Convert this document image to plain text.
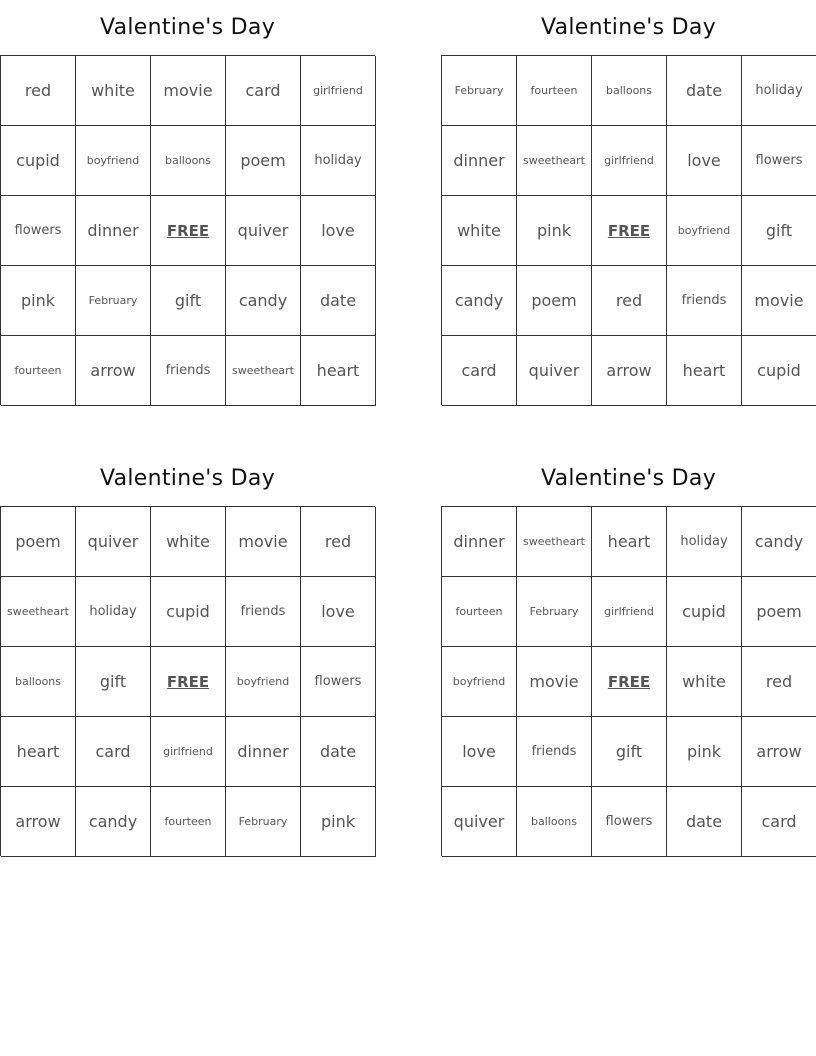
Valentine's Day
red	white	movie	card	girlfriend
cupid	boyfriend	balloons	poem	holiday
flowers	dinner	FREE	quiver	love
pink	February	gift	candy	date
fourteen	arrow	friends	sweetheart	heart
Valentine's Day
February	fourteen	balloons	date	holiday
dinner	sweetheart	girlfriend	love	flowers
white	pink	FREE	boyfriend	gift
candy	poem	red	friends	movie
card	quiver	arrow	heart	cupid
Valentine's Day
poem	quiver	white	movie	red
sweetheart	holiday	cupid	friends	love
balloons	gift	FREE	boyfriend	flowers
heart	card	girlfriend	dinner	date
arrow	candy	fourteen	February	pink
Valentine's Day
dinner	sweetheart	heart	holiday	candy
fourteen	February	girlfriend	cupid	poem
boyfriend	movie	FREE	white	red
love	friends	gift	pink	arrow
quiver	balloons	flowers	date	card
